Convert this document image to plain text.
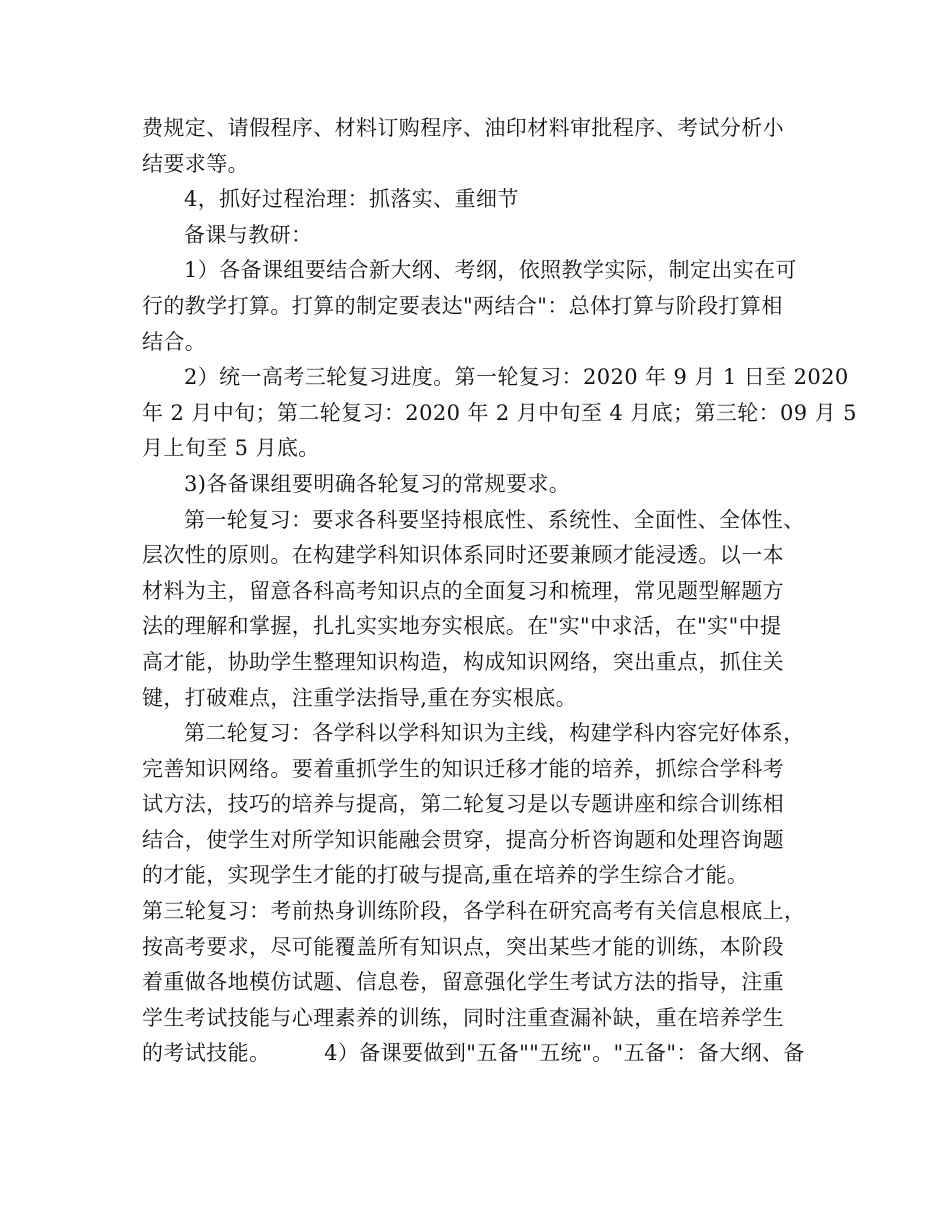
费规定、请假程序、材料订购程序、油印材料审批程序、考试分析小
结要求等。
4，抓好过程治理：抓落实、重细节
备课与教研：
1）各备课组要结合新大纲、考纲，依照教学实际，制定出实在可
行的教学打算。打算的制定要表达"两结合"：总体打算与阶段打算相
结合。
2）统一高考三轮复习进度。第一轮复习：2020 年 9 月 1 日至 2020
年 2 月中旬；第二轮复习：2020 年 2 月中旬至 4 月底；第三轮：09 月 5
月上旬至 5 月底。
3)各备课组要明确各轮复习的常规要求。
第一轮复习：要求各科要坚持根底性、系统性、全面性、全体性、
层次性的原则。在构建学科知识体系同时还要兼顾才能浸透。以一本
材料为主，留意各科高考知识点的全面复习和梳理，常见题型解题方
法的理解和掌握，扎扎实实地夯实根底。在"实"中求活，在"实"中提
高才能，协助学生整理知识构造，构成知识网络，突出重点，抓住关
键，打破难点，注重学法指导,重在夯实根底。
第二轮复习：各学科以学科知识为主线，构建学科内容完好体系，
完善知识网络。要着重抓学生的知识迁移才能的培养，抓综合学科考
试方法，技巧的培养与提高，第二轮复习是以专题讲座和综合训练相
结合，使学生对所学知识能融会贯穿，提高分析咨询题和处理咨询题
的才能，实现学生才能的打破与提高,重在培养的学生综合才能。
第三轮复习：考前热身训练阶段，各学科在研究高考有关信息根底上，
按高考要求，尽可能覆盖所有知识点，突出某些才能的训练，本阶段
着重做各地模仿试题、信息卷，留意强化学生考试方法的指导，注重
学生考试技能与心理素养的训练，同时注重查漏补缺，重在培养学生
的考试技能。　　　4）备课要做到"五备""五统"。"五备"：备大纲、备
